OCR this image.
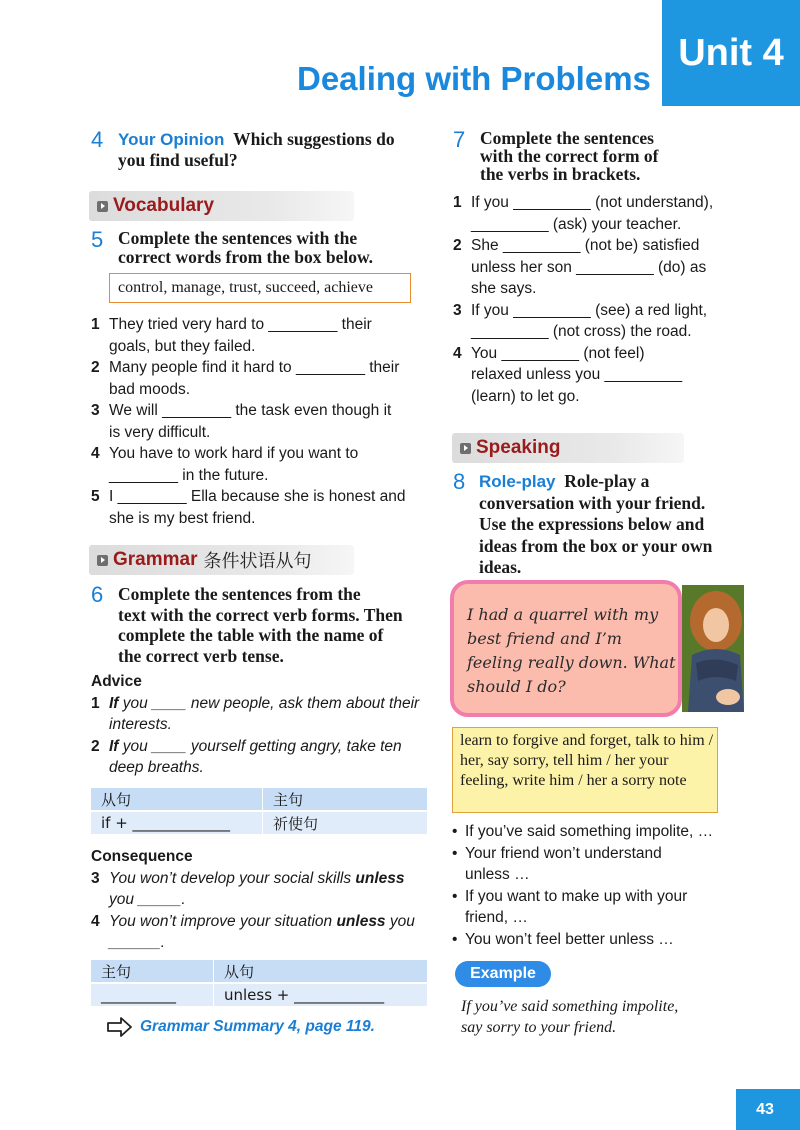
Unit 4
Dealing with Problems
4 Your Opinion Which suggestions do
you find useful?
Vocabulary
5 Complete the sentences with the
correct words from the box below.
control, manage, trust, succeed, achieve
1 They tried very hard to ________ their
goals, but they failed.
2 Many people find it hard to ________ their
bad moods.
3 We will ________ the task even though it
is very difficult.
4 You have to work hard if you want to
________ in the future.
5 I ________ Ella because she is honest and
she is my best friend.
Grammar 条件状语从句
6 Complete the sentences from the
text with the correct verb forms. Then
complete the table with the name of
the correct verb tense.
Advice
1 If you ____ new people, ask them about their
interests.
2 If you ____ yourself getting angry, take ten
deep breaths.
从句	主句
if + _____________	祈使句
Consequence
3 You won’t develop your social skills unless
you _____.
4 You won’t improve your situation unless you
______.
主句	从句
__________	unless + ____________
Grammar Summary 4, page 119.
7 Complete the sentences
with the correct form of
the verbs in brackets.
1 If you _________ (not understand),
_________ (ask) your teacher.
2 She _________ (not be) satisfied
unless her son _________ (do) as
she says.
3 If you _________ (see) a red light,
_________ (not cross) the road.
4 You _________ (not feel)
relaxed unless you _________
(learn) to let go.
Speaking
8 Role-play Role-play a
conversation with your friend.
Use the expressions below and
ideas from the box or your own
ideas.
I had a quarrel with my best friend and I’m feeling really down. What should I do?
learn to forgive and forget, talk to him / her, say sorry, tell him / her your feeling, write him / her a sorry note
• If you’ve said something impolite, …
• Your friend won’t understand
unless …
• If you want to make up with your
friend, …
• You won’t feel better unless …
Example
If you’ve said something impolite,
say sorry to your friend.
43
